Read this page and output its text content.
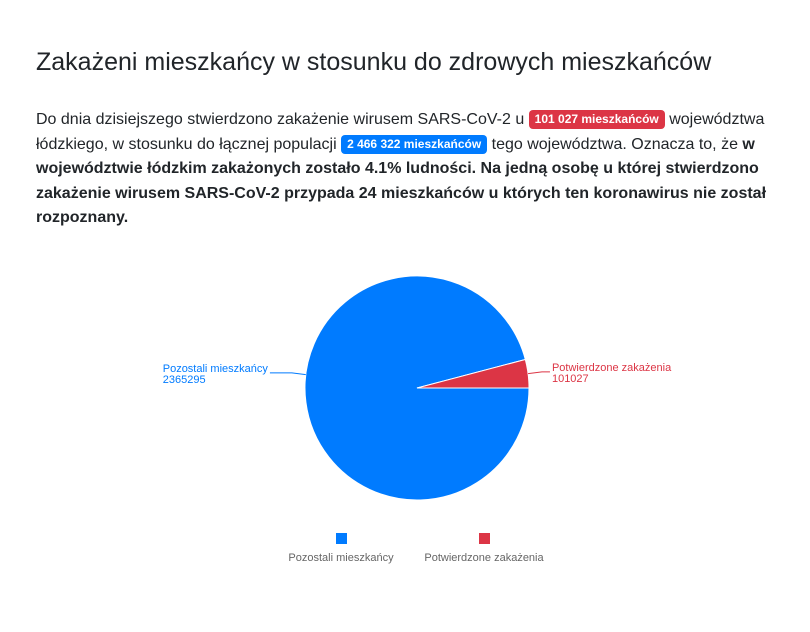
Zakażeni mieszkańcy w stosunku do zdrowych mieszkańców

Do dnia dzisiejszego stwierdzono zakażenie wirusem SARS-CoV-2 u 101 027 mieszkańców województwa łódzkiego, w stosunku do łącznej populacji 2 466 322 mieszkańców tego województwa. Oznacza to, że w województwie łódzkim zakażonych zostało 4.1% ludności. Na jedną osobę u której stwierdzono zakażenie wirusem SARS-CoV-2 przypada 24 mieszkańców u których ten koronawirus nie został rozpoznany.

Pozostali mieszkańcy
2365295
Potwierdzone zakażenia
101027
Pozostali mieszkańcy	Potwierdzone zakażenia
